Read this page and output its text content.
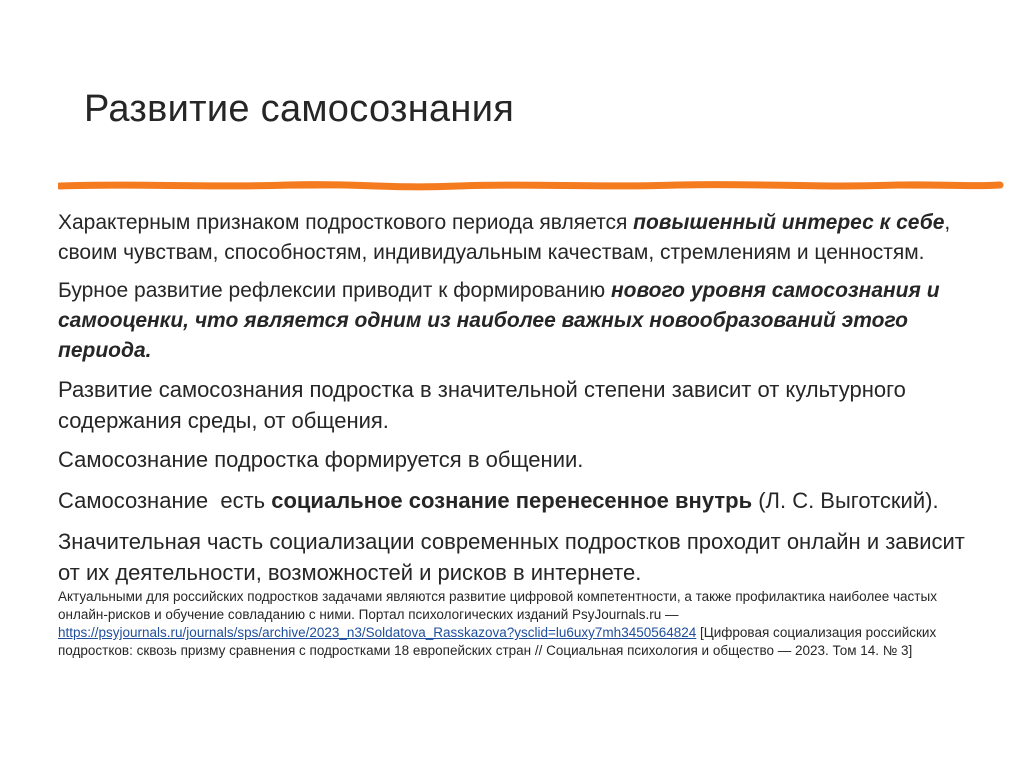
Развитие самосознания

Характерным признаком подросткового периода является повышенный интерес к себе, своим чувствам, способностям, индивидуальным качествам, стремлениям и ценностям.

Бурное развитие рефлексии приводит к формированию нового уровня самосознания и самооценки, что является одним из наиболее важных новообразований этого периода.

Развитие самосознания подростка в значительной степени зависит от культурного содержания среды, от общения.

Самосознание подростка формируется в общении.

Самосознание  есть социальное сознание перенесенное внутрь (Л. С. Выготский).

Значительная часть социализации современных подростков проходит онлайн и зависит от их деятельности, возможностей и рисков в интернете.
Актуальными для российских подростков задачами являются развитие цифровой компетентности, а также профилактика наиболее частых онлайн-рисков и обучение совладанию с ними. Портал психологических изданий PsyJournals.ru — https://psyjournals.ru/journals/sps/archive/2023_n3/Soldatova_Rasskazova?ysclid=lu6uxy7mh3450564824 [Цифровая социализация российских подростков: сквозь призму сравнения с подростками 18 европейских стран // Социальная психология и общество — 2023. Том 14. № 3]
